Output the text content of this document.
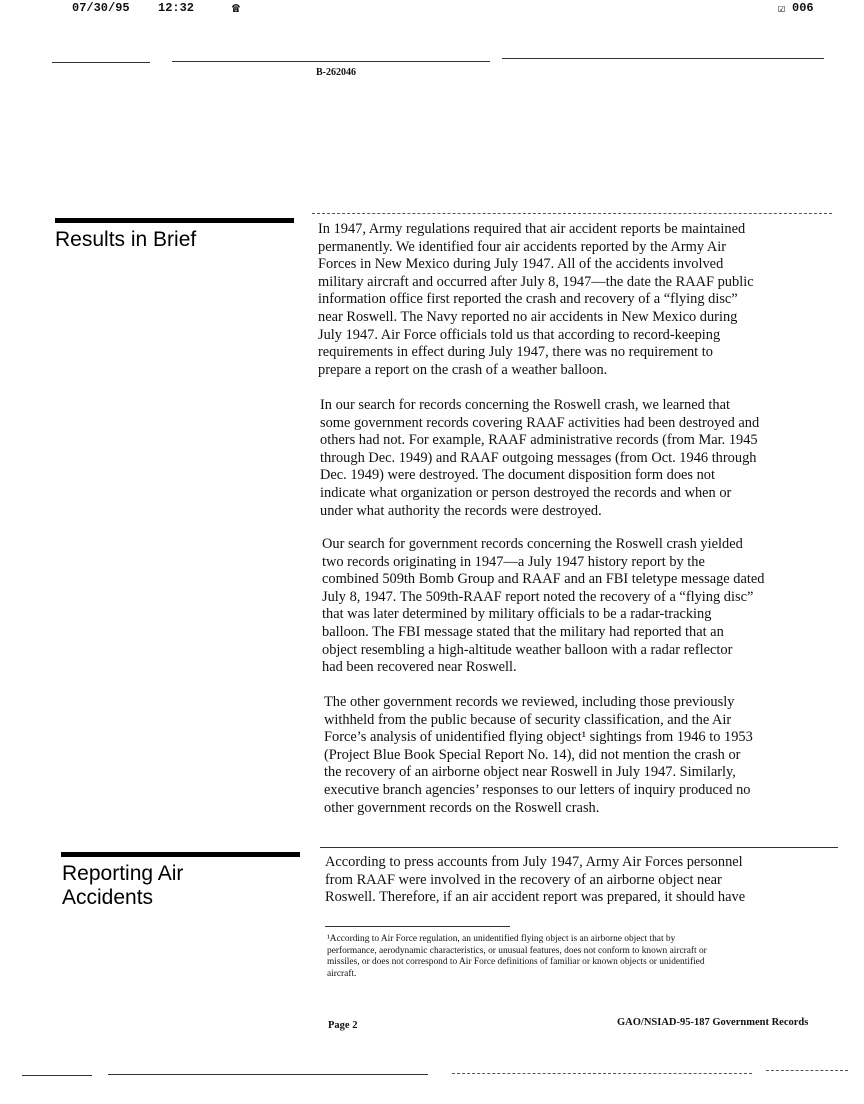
07/30/95 12:32	☎	☑ 006
B-262046
Results in Brief	In 1947, Army regulations required that air accident reports be maintained
permanently. We identified four air accidents reported by the Army Air
Forces in New Mexico during July 1947. All of the accidents involved
military aircraft and occurred after July 8, 1947—the date the RAAF public
information office first reported the crash and recovery of a “flying disc”
near Roswell. The Navy reported no air accidents in New Mexico during
July 1947. Air Force officials told us that according to record-keeping
requirements in effect during July 1947, there was no requirement to
prepare a report on the crash of a weather balloon.
In our search for records concerning the Roswell crash, we learned that
some government records covering RAAF activities had been destroyed and
others had not. For example, RAAF administrative records (from Mar. 1945
through Dec. 1949) and RAAF outgoing messages (from Oct. 1946 through
Dec. 1949) were destroyed. The document disposition form does not
indicate what organization or person destroyed the records and when or
under what authority the records were destroyed.
Our search for government records concerning the Roswell crash yielded
two records originating in 1947—a July 1947 history report by the
combined 509th Bomb Group and RAAF and an FBI teletype message dated
July 8, 1947. The 509th-RAAF report noted the recovery of a “flying disc”
that was later determined by military officials to be a radar-tracking
balloon. The FBI message stated that the military had reported that an
object resembling a high-altitude weather balloon with a radar reflector
had been recovered near Roswell.
The other government records we reviewed, including those previously
withheld from the public because of security classification, and the Air
Force’s analysis of unidentified flying object¹ sightings from 1946 to 1953
(Project Blue Book Special Report No. 14), did not mention the crash or
the recovery of an airborne object near Roswell in July 1947. Similarly,
executive branch agencies’ responses to our letters of inquiry produced no
other government records on the Roswell crash.
Reporting Air
Accidents
According to press accounts from July 1947, Army Air Forces personnel
from RAAF were involved in the recovery of an airborne object near
Roswell. Therefore, if an air accident report was prepared, it should have
¹According to Air Force regulation, an unidentified flying object is an airborne object that by
performance, aerodynamic characteristics, or unusual features, does not conform to known aircraft or
missiles, or does not correspond to Air Force definitions of familiar or known objects or unidentified
aircraft.
Page 2	GAO/NSIAD-95-187 Government Records
